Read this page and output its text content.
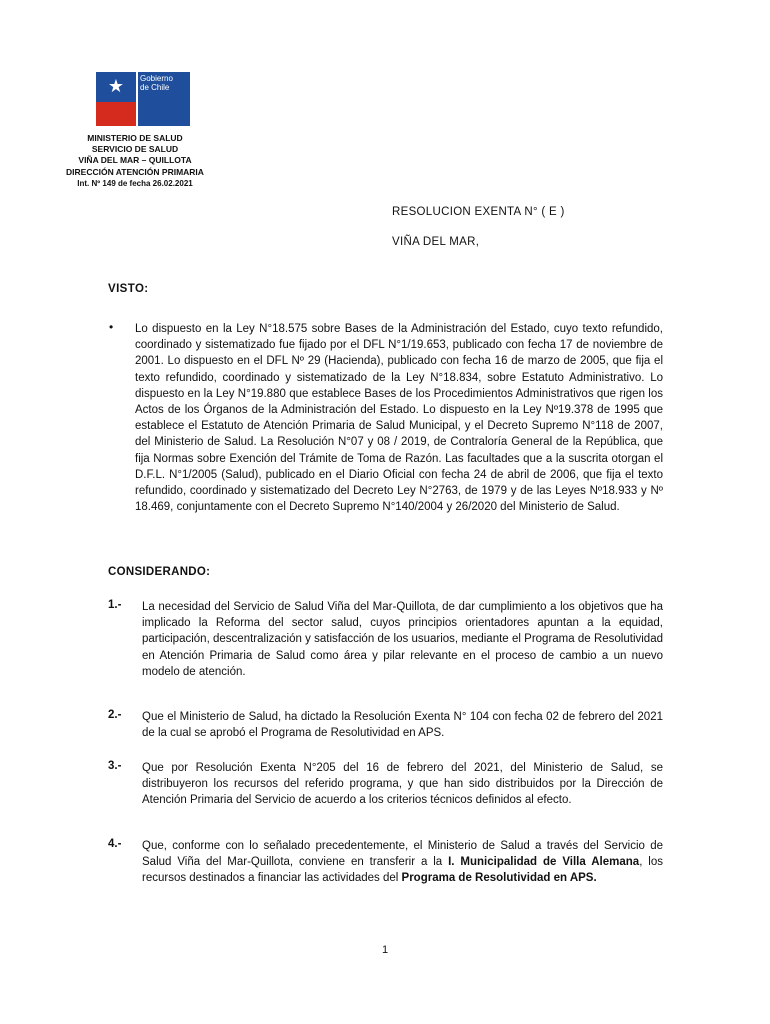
★ Gobierno
de Chile
MINISTERIO DE SALUD
SERVICIO DE SALUD
VIÑA DEL MAR – QUILLOTA
DIRECCIÓN ATENCIÓN PRIMARIA
Int. Nº 149 de fecha 26.02.2021
RESOLUCION EXENTA N° ( E )
VIÑA DEL MAR,
VISTO:
• Lo dispuesto en la Ley N°18.575 sobre Bases de la Administración del Estado, cuyo texto refundido, coordinado y sistematizado fue fijado por el DFL N°1/19.653, publicado con fecha 17 de noviembre de 2001. Lo dispuesto en el DFL Nº 29 (Hacienda), publicado con fecha 16 de marzo de 2005, que fija el texto refundido, coordinado y sistematizado de la Ley N°18.834, sobre Estatuto Administrativo. Lo dispuesto en la Ley N°19.880 que establece Bases de los Procedimientos Administrativos que rigen los Actos de los Órganos de la Administración del Estado. Lo dispuesto en la Ley Nº19.378 de 1995 que establece el Estatuto de Atención Primaria de Salud Municipal, y el Decreto Supremo N°118 de 2007, del Ministerio de Salud. La Resolución N°07 y 08 / 2019, de Contraloría General de la República, que fija Normas sobre Exención del Trámite de Toma de Razón. Las facultades que a la suscrita otorgan el D.F.L. N°1/2005 (Salud), publicado en el Diario Oficial con fecha 24 de abril de 2006, que fija el texto refundido, coordinado y sistematizado del Decreto Ley N°2763, de 1979 y de las Leyes Nº18.933 y Nº 18.469, conjuntamente con el Decreto Supremo N°140/2004 y 26/2020 del Ministerio de Salud.

CONSIDERANDO:
1.- La necesidad del Servicio de Salud Viña del Mar-Quillota, de dar cumplimiento a los objetivos que ha implicado la Reforma del sector salud, cuyos principios orientadores apuntan a la equidad, participación, descentralización y satisfacción de los usuarios, mediante el Programa de Resolutividad en Atención Primaria de Salud como área y pilar relevante en el proceso de cambio a un nuevo modelo de atención.

2.- Que el Ministerio de Salud, ha dictado la Resolución Exenta N° 104 con fecha 02 de febrero del 2021 de la cual se aprobó el Programa de Resolutividad en APS.

3.- Que por Resolución Exenta N°205 del 16 de febrero del 2021, del Ministerio de Salud, se distribuyeron los recursos del referido programa, y que han sido distribuidos por la Dirección de Atención Primaria del Servicio de acuerdo a los criterios técnicos definidos al efecto.

4.- Que, conforme con lo señalado precedentemente, el Ministerio de Salud a través del Servicio de Salud Viña del Mar-Quillota, conviene en transferir a la I. Municipalidad de Villa Alemana, los recursos destinados a financiar las actividades del Programa de Resolutividad en APS.

1
